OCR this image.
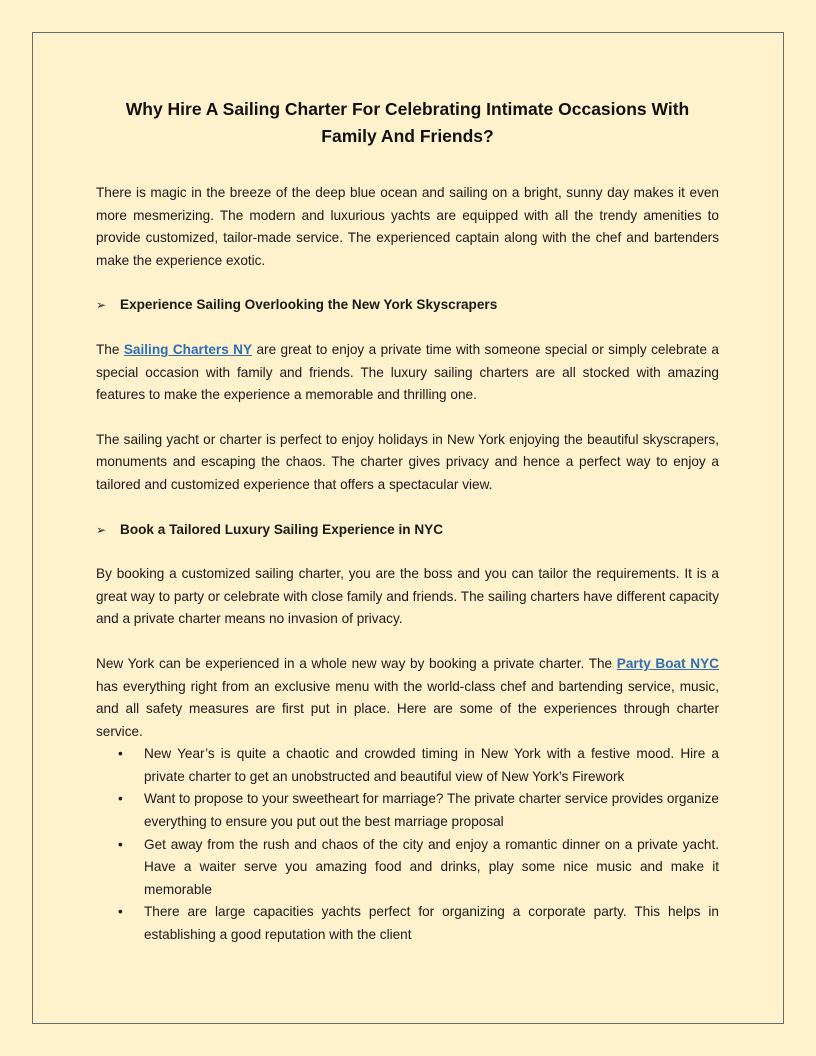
Why Hire A Sailing Charter For Celebrating Intimate Occasions With Family And Friends?

There is magic in the breeze of the deep blue ocean and sailing on a bright, sunny day makes it even more mesmerizing. The modern and luxurious yachts are equipped with all the trendy amenities to provide customized, tailor-made service. The experienced captain along with the chef and bartenders make the experience exotic.

➢	Experience Sailing Overlooking the New York Skyscrapers

The Sailing Charters NY are great to enjoy a private time with someone special or simply celebrate a special occasion with family and friends. The luxury sailing charters are all stocked with amazing features to make the experience a memorable and thrilling one.

The sailing yacht or charter is perfect to enjoy holidays in New York enjoying the beautiful skyscrapers, monuments and escaping the chaos. The charter gives privacy and hence a perfect way to enjoy a tailored and customized experience that offers a spectacular view.

➢	Book a Tailored Luxury Sailing Experience in NYC

By booking a customized sailing charter, you are the boss and you can tailor the requirements. It is a great way to party or celebrate with close family and friends. The sailing charters have different capacity and a private charter means no invasion of privacy.

New York can be experienced in a whole new way by booking a private charter. The Party Boat NYC has everything right from an exclusive menu with the world-class chef and bartending service, music, and all safety measures are first put in place. Here are some of the experiences through charter service.

• New Year’s is quite a chaotic and crowded timing in New York with a festive mood. Hire a private charter to get an unobstructed and beautiful view of New York’s Firework
• Want to propose to your sweetheart for marriage? The private charter service provides organize everything to ensure you put out the best marriage proposal
• Get away from the rush and chaos of the city and enjoy a romantic dinner on a private yacht. Have a waiter serve you amazing food and drinks, play some nice music and make it memorable
• There are large capacities yachts perfect for organizing a corporate party. This helps in establishing a good reputation with the client
